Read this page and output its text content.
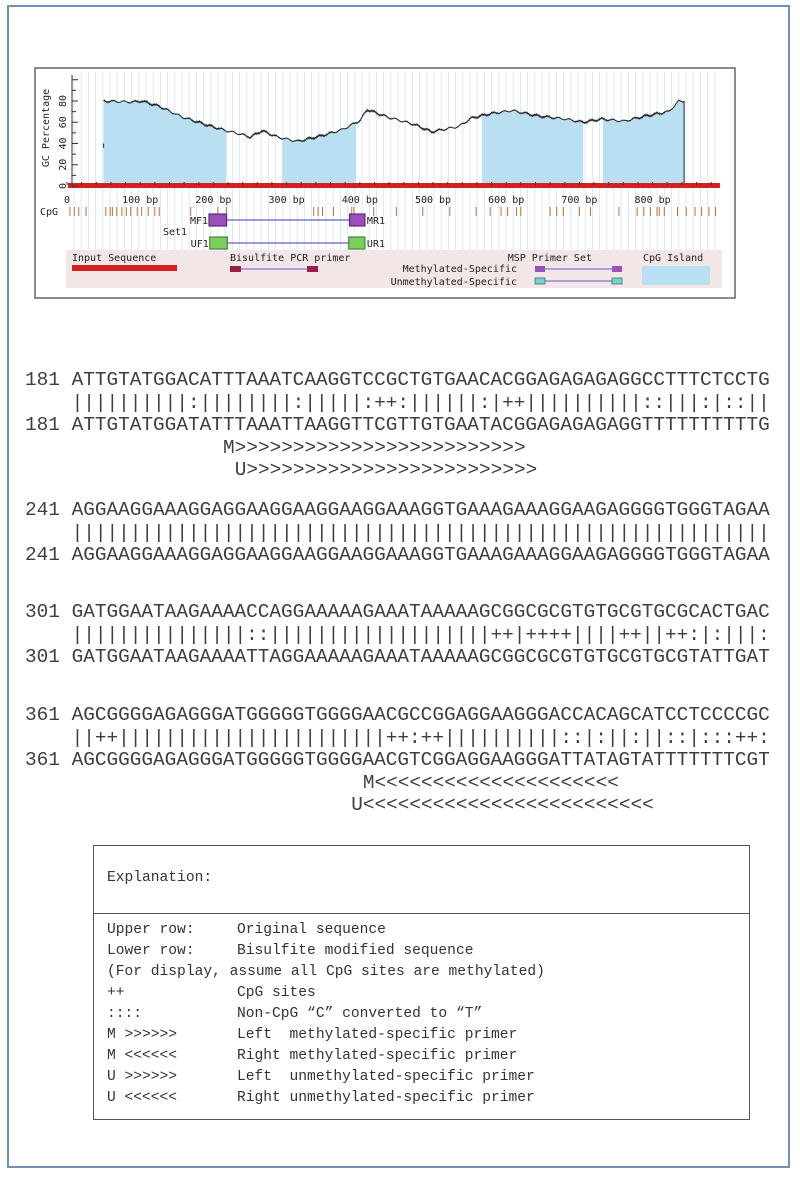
0
20
40
60
80
GC Percentage
0	100 bp	200 bp	300 bp	400 bp	500 bp	600 bp	700 bp	800 bp
CpG
MF1	MR1
UF1	UR1
Set1
Input Sequence	Bisulfite PCR primer	MSP Primer Set
Methylated-Specific
Unmethylated-Specific
CpG Island
181 ATTGTATGGACATTTAAATCAAGGTCCGCTGTGAACACGGAGAGAGAGGCCTTTCTCCTG
||||||||||:||||||||:|||||:++:||||||:|++||||||||||::|||:|::||
181 ATTGTATGGATATTTAAATTAAGGTTCGTTGTGAATACGGAGAGAGAGGTTTTTTTTTTG
M>>>>>>>>>>>>>>>>>>>>>>>>>
U>>>>>>>>>>>>>>>>>>>>>>>>>
241 AGGAAGGAAAGGAGGAAGGAAGGAAGGAAAGGTGAAAGAAAGGAAGAGGGGTGGGTAGAA
||||||||||||||||||||||||||||||||||||||||||||||||||||||||||||
241 AGGAAGGAAAGGAGGAAGGAAGGAAGGAAAGGTGAAAGAAAGGAAGAGGGGTGGGTAGAA
301 GATGGAATAAGAAAACCAGGAAAAAGAAATAAAAAGCGGCGCGTGTGCGTGCGCACTGAC
|||||||||||||||::|||||||||||||||||||++|++++||||++||++:|:|||:
301 GATGGAATAAGAAAATTAGGAAAAAGAAATAAAAAGCGGCGCGTGTGCGTGCGTATTGAT
361 AGCGGGGAGAGGGATGGGGGTGGGGAACGCCGGAGGAAGGGACCACAGCATCCTCCCCGC
||++|||||||||||||||||||||||++:++||||||||||::|:||:||::|:::++:
361 AGCGGGGAGAGGGATGGGGGTGGGGAACGTCGGAGGAAGGGATTATAGTATTTTTTTCGT
M<<<<<<<<<<<<<<<<<<<<<
U<<<<<<<<<<<<<<<<<<<<<<<<<
Explanation:
Upper row:	Original sequence
Lower row:	Bisulfite modified sequence
(For display, assume all CpG sites are methylated)
++	CpG sites
::::	Non-CpG “C” converted to “T”
M >>>>>>	Left  methylated-specific primer
M <<<<<<	Right methylated-specific primer
U >>>>>>	Left  unmethylated-specific primer
U <<<<<<	Right unmethylated-specific primer
